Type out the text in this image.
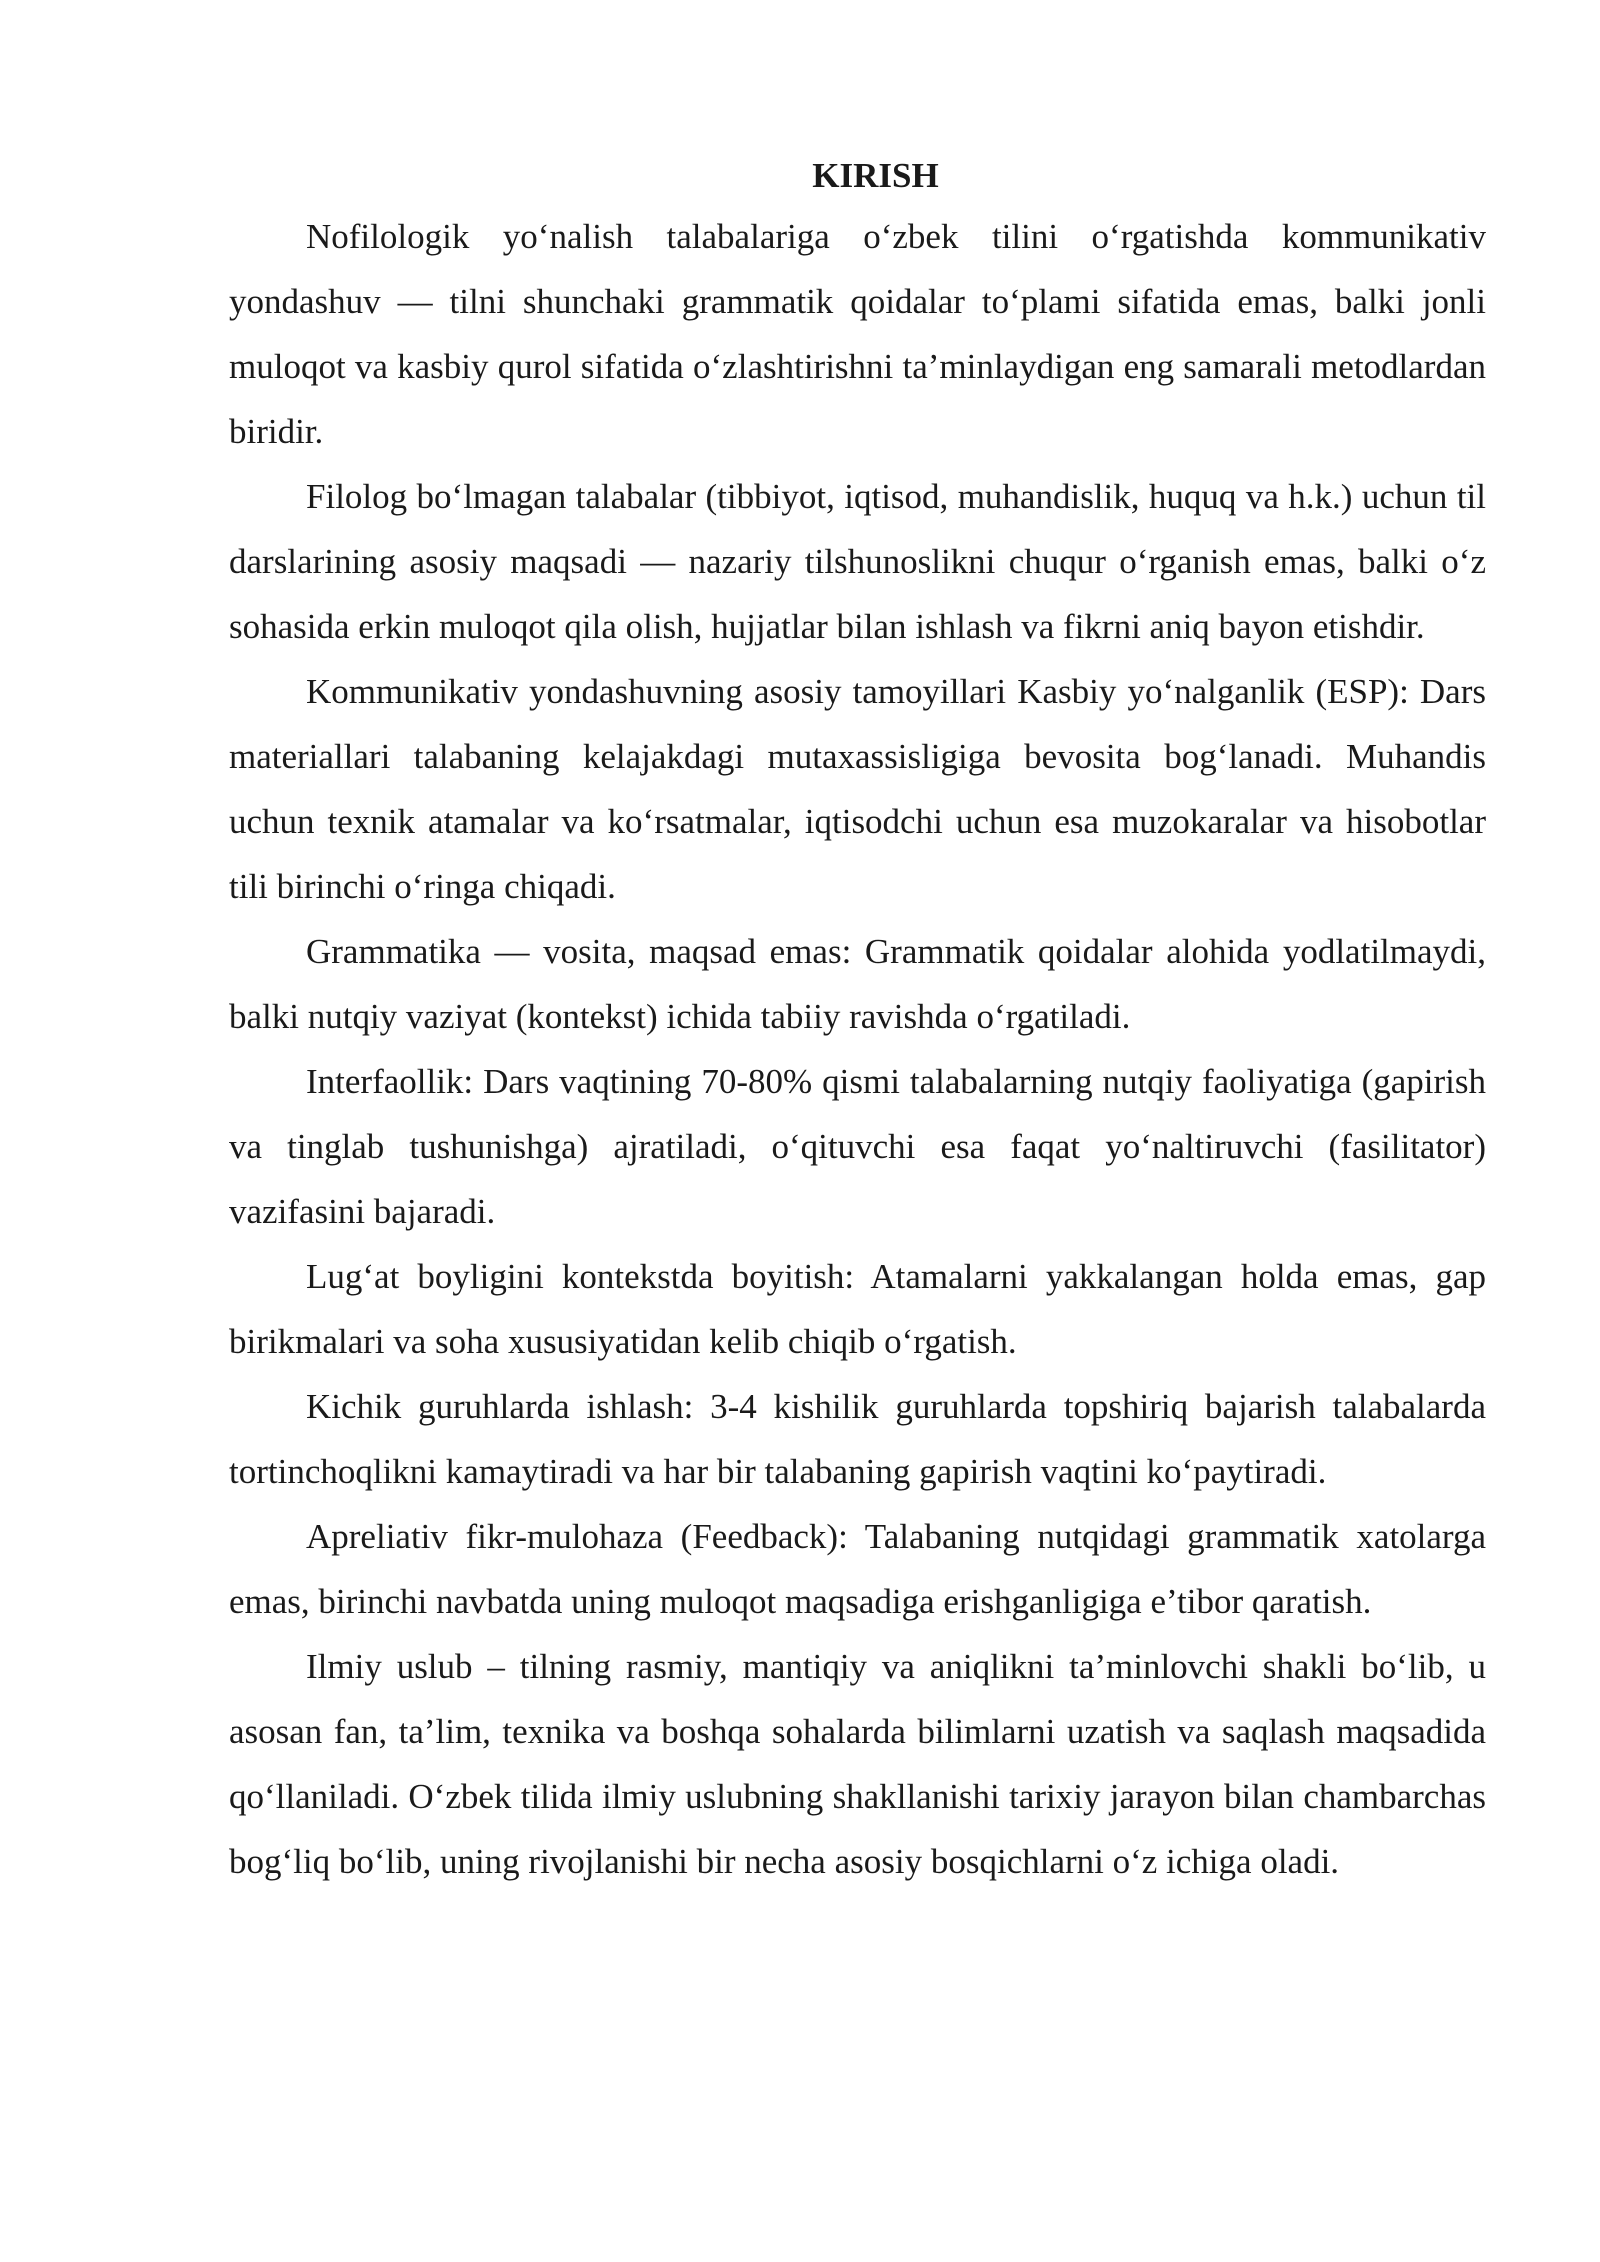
KIRISH

Nofilologik yo‘nalish talabalariga o‘zbek tilini o‘rgatishda kommunikativ yondashuv — tilni shunchaki grammatik qoidalar to‘plami sifatida emas, balki jonli muloqot va kasbiy qurol sifatida o‘zlashtirishni ta’minlaydigan eng samarali metodlardan biridir.

Filolog bo‘lmagan talabalar (tibbiyot, iqtisod, muhandislik, huquq va h.k.) uchun til darslarining asosiy maqsadi — nazariy tilshunoslikni chuqur o‘rganish emas, balki o‘z sohasida erkin muloqot qila olish, hujjatlar bilan ishlash va fikrni aniq bayon etishdir.

Kommunikativ yondashuvning asosiy tamoyillari Kasbiy yo‘nalganlik (ESP): Dars materiallari talabaning kelajakdagi mutaxassisligiga bevosita bog‘lanadi. Muhandis uchun texnik atamalar va ko‘rsatmalar, iqtisodchi uchun esa muzokaralar va hisobotlar tili birinchi o‘ringa chiqadi.

Grammatika — vosita, maqsad emas: Grammatik qoidalar alohida yodlatilmaydi, balki nutqiy vaziyat (kontekst) ichida tabiiy ravishda o‘rgatiladi.

Interfaollik: Dars vaqtining 70-80% qismi talabalarning nutqiy faoliyatiga (gapirish va tinglab tushunishga) ajratiladi, o‘qituvchi esa faqat yo‘naltiruvchi (fasilitator) vazifasini bajaradi.

Lug‘at boyligini kontekstda boyitish: Atamalarni yakkalangan holda emas, gap birikmalari va soha xususiyatidan kelib chiqib o‘rgatish.

Kichik guruhlarda ishlash: 3-4 kishilik guruhlarda topshiriq bajarish talabalarda tortinchoqlikni kamaytiradi va har bir talabaning gapirish vaqtini ko‘paytiradi.

Apreliativ fikr-mulohaza (Feedback): Talabaning nutqidagi grammatik xatolarga emas, birinchi navbatda uning muloqot maqsadiga erishganligiga e’tibor qaratish.

Ilmiy uslub – tilning rasmiy, mantiqiy va aniqlikni ta’minlovchi shakli bo‘lib, u asosan fan, ta’lim, texnika va boshqa sohalarda bilimlarni uzatish va saqlash maqsadida qo‘llaniladi. O‘zbek tilida ilmiy uslubning shakllanishi tarixiy jarayon bilan chambarchas bog‘liq bo‘lib, uning rivojlanishi bir necha asosiy bosqichlarni o‘z ichiga oladi.
